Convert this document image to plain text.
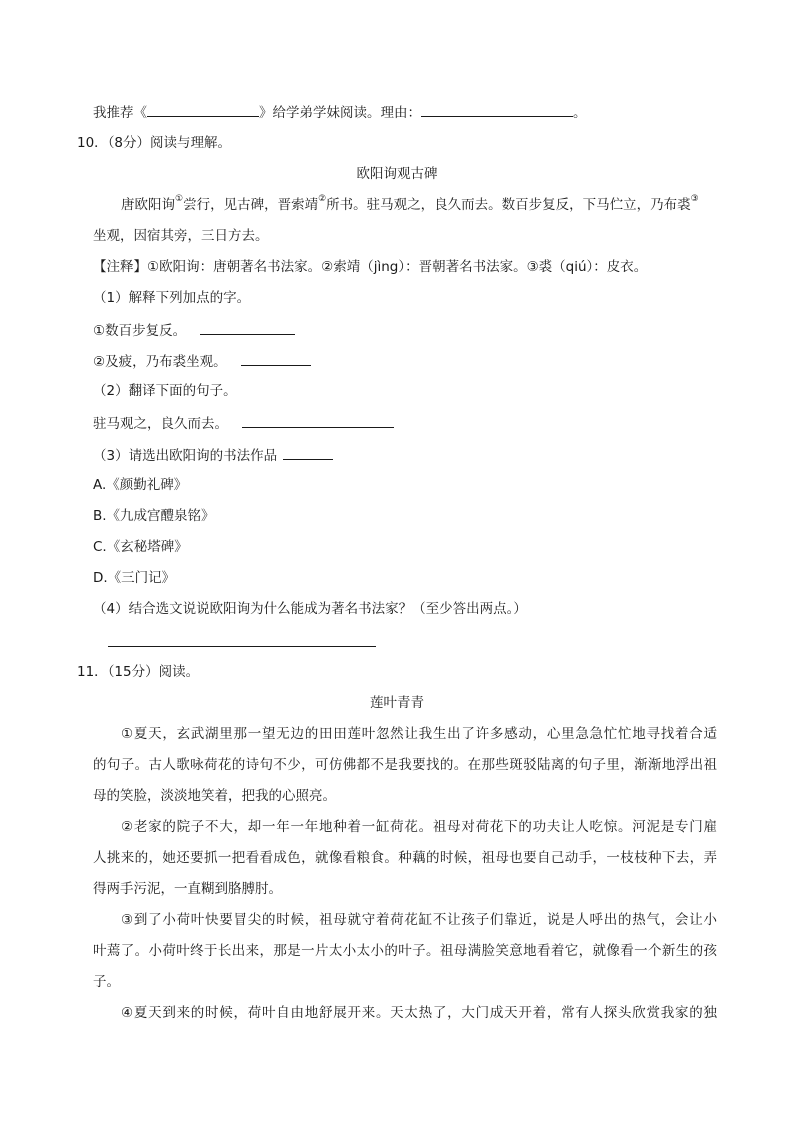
我推荐《	》给学弟学妹阅读。理由：	。
10．（8分）阅读与理解。
欧阳询观古碑
唐欧阳询①尝行，见古碑，晋索靖②所书。驻马观之，良久而去。数百步复反，下马伫立，乃布裘③
坐观，因宿其旁，三日方去。
【注释】①欧阳询：唐朝著名书法家。②索靖（jìng）：晋朝著名书法家。③裘（qiú）：皮衣。
（1）解释下列加点的字。
①数百步复反。
②及疲，乃布裘坐观。
（2）翻译下面的句子。
驻马观之，良久而去。
（3）请选出欧阳询的书法作品
A.《颜勤礼碑》
B.《九成宫醴泉铭》
C.《玄秘塔碑》
D.《三门记》
（4）结合选文说说欧阳询为什么能成为著名书法家？（至少答出两点。）
11．（15分）阅读。
莲叶青青
①夏天，玄武湖里那一望无边的田田莲叶忽然让我生出了许多感动，心里急急忙忙地寻找着合适
的句子。古人歌咏荷花的诗句不少，可仿佛都不是我要找的。在那些斑驳陆离的句子里，渐渐地浮出祖
母的笑脸，淡淡地笑着，把我的心照亮。
②老家的院子不大，却一年一年地种着一缸荷花。祖母对荷花下的功夫让人吃惊。河泥是专门雇
人挑来的，她还要抓一把看看成色，就像看粮食。种藕的时候，祖母也要自己动手，一枝枝种下去，弄
得两手污泥，一直糊到胳膊肘。
③到了小荷叶快要冒尖的时候，祖母就守着荷花缸不让孩子们靠近，说是人呼出的热气，会让小
叶蔫了。小荷叶终于长出来，那是一片太小太小的叶子。祖母满脸笑意地看着它，就像看一个新生的孩
子。
④夏天到来的时候，荷叶自由地舒展开来。天太热了，大门成天开着，常有人探头欣赏我家的独
